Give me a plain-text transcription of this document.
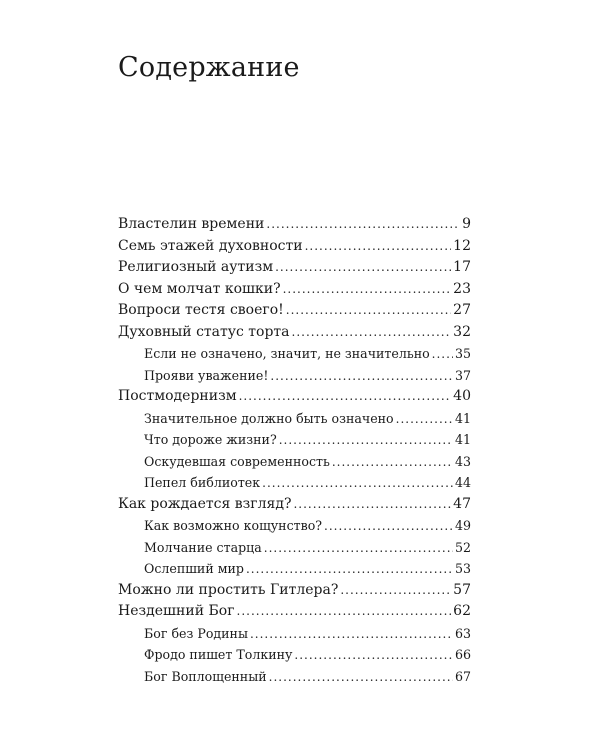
Содержание
Властелин времени .....	9
Семь этажей духовности .....	12
Религиозный аутизм .....	17
О чем молчат кошки? .....	23
Вопроси тестя своего! .....	27
Духовный статус торта .....	32
Если не означено, значит, не значительно ..... 35
Прояви уважение! .....	37
Постмодернизм .....	40
Значительное должно быть означено .....	41
Что дороже жизни? .....	41
Оскудевшая современность .....	43
Пепел библиотек .....	44
Как рождается взгляд? .....	47
Как возможно кощунство? .....	49
Молчание старца .....	52
Ослепший мир .....	53
Можно ли простить Гитлера? .....	57
Нездешний Бог .....	62
Бог без Родины .....	63
Фродо пишет Толкину .....	66
Бог Воплощенный .....	67
